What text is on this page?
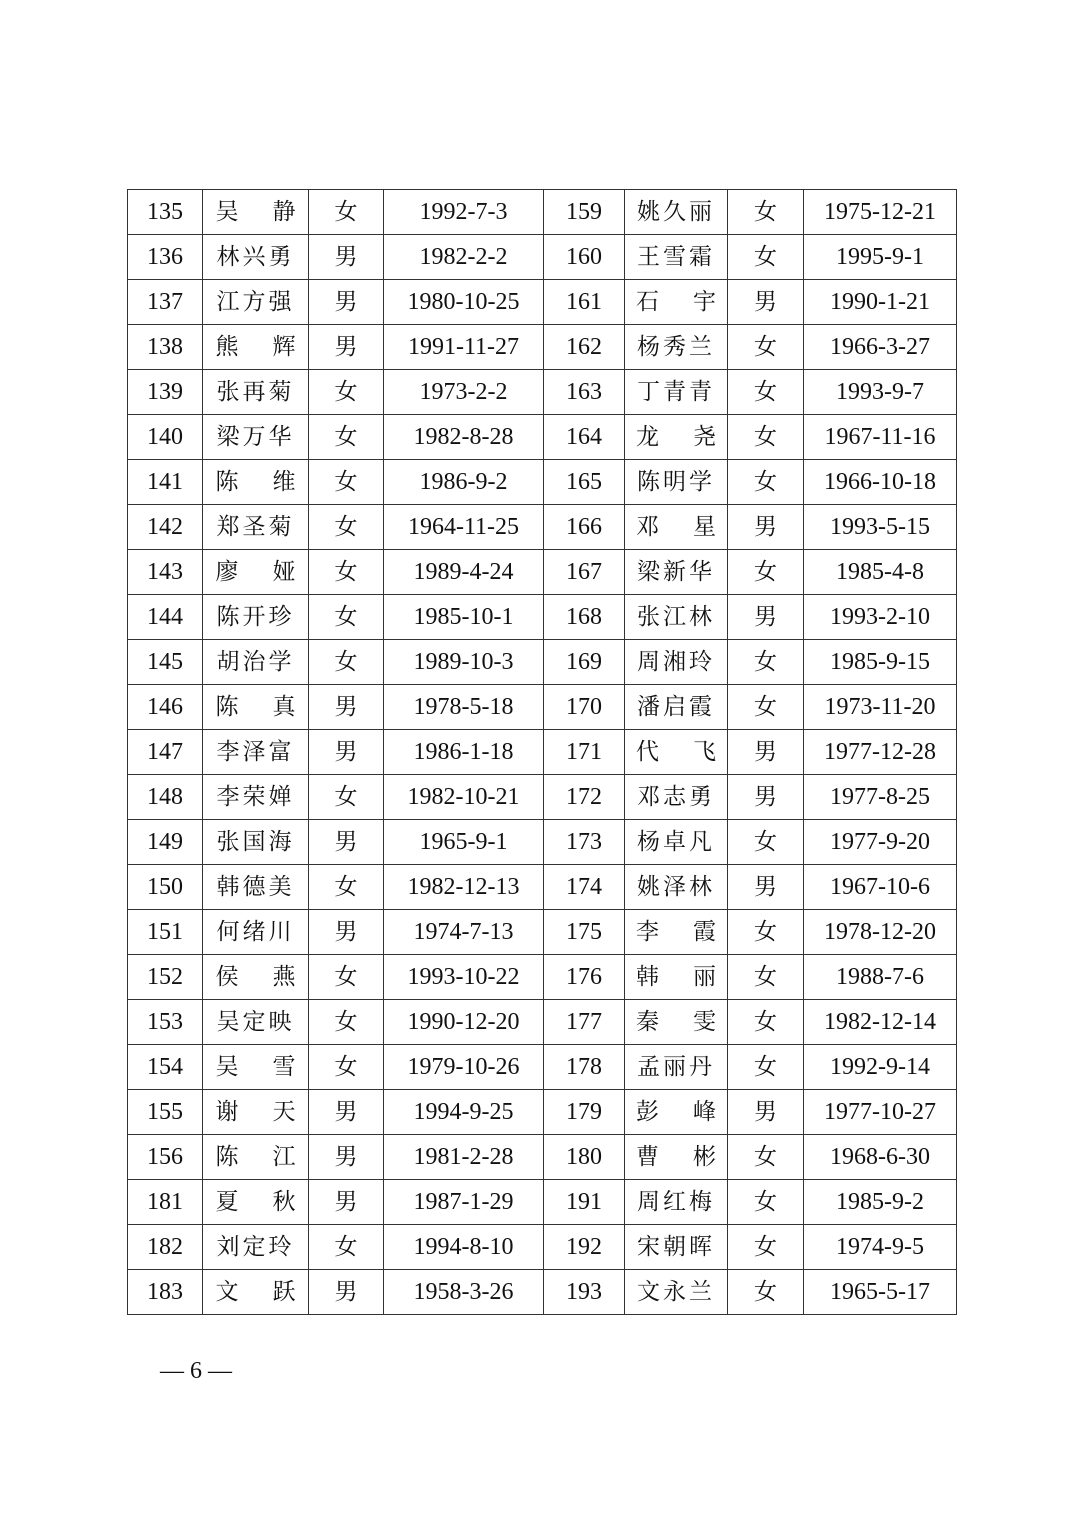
135	吴 静	女	1992-7-3	159	姚久丽	女	1975-12-21
136	林兴勇	男	1982-2-2	160	王雪霜	女	1995-9-1
137	江方强	男	1980-10-25	161	石 宇	男	1990-1-21
138	熊 辉	男	1991-11-27	162	杨秀兰	女	1966-3-27
139	张再菊	女	1973-2-2	163	丁青青	女	1993-9-7
140	梁万华	女	1982-8-28	164	龙 尧	女	1967-11-16
141	陈 维	女	1986-9-2	165	陈明学	女	1966-10-18
142	郑圣菊	女	1964-11-25	166	邓 星	男	1993-5-15
143	廖 娅	女	1989-4-24	167	梁新华	女	1985-4-8
144	陈开珍	女	1985-10-1	168	张江林	男	1993-2-10
145	胡治学	女	1989-10-3	169	周湘玲	女	1985-9-15
146	陈 真	男	1978-5-18	170	潘启霞	女	1973-11-20
147	李泽富	男	1986-1-18	171	代 飞	男	1977-12-28
148	李荣婵	女	1982-10-21	172	邓志勇	男	1977-8-25
149	张国海	男	1965-9-1	173	杨卓凡	女	1977-9-20
150	韩德美	女	1982-12-13	174	姚泽林	男	1967-10-6
151	何绪川	男	1974-7-13	175	李 霞	女	1978-12-20
152	侯 燕	女	1993-10-22	176	韩 丽	女	1988-7-6
153	吴定映	女	1990-12-20	177	秦 雯	女	1982-12-14
154	吴 雪	女	1979-10-26	178	孟丽丹	女	1992-9-14
155	谢 天	男	1994-9-25	179	彭 峰	男	1977-10-27
156	陈 江	男	1981-2-28	180	曹 彬	女	1968-6-30
181	夏 秋	男	1987-1-29	191	周红梅	女	1985-9-2
182	刘定玲	女	1994-8-10	192	宋朝晖	女	1974-9-5
183	文 跃	男	1958-3-26	193	文永兰	女	1965-5-17
— 6 —
